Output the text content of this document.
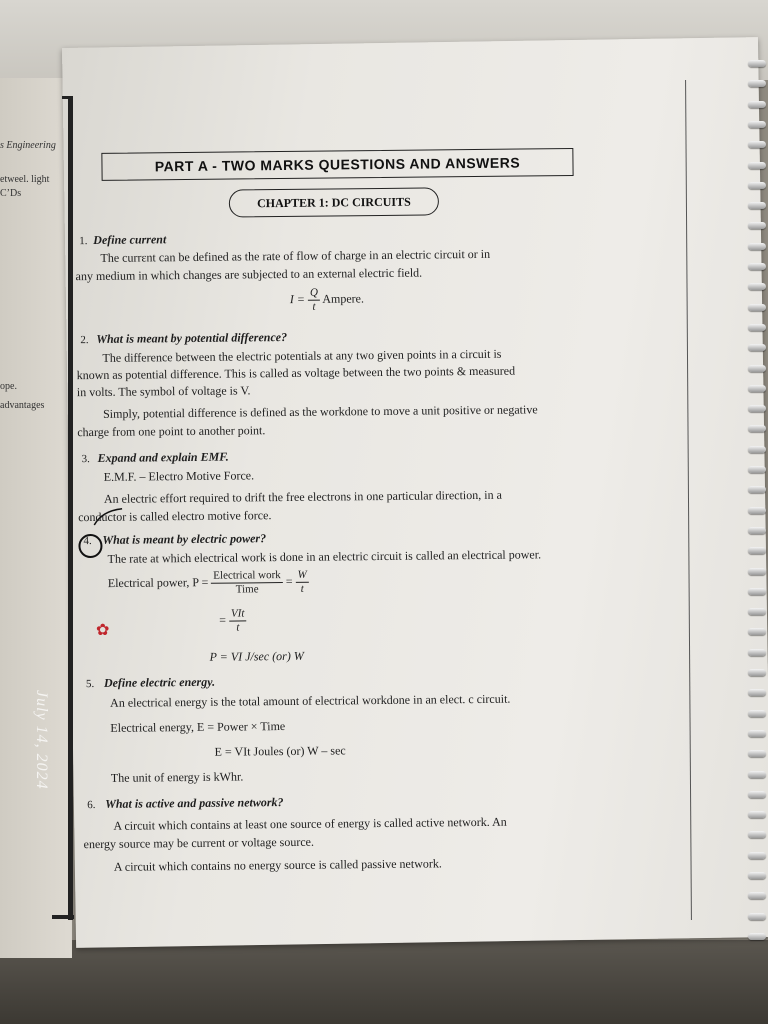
s Engineering
etweel. light
C’Ds
ope.
advantages
PART A - TWO MARKS QUESTIONS AND ANSWERS
CHAPTER 1: DC CIRCUITS
1. Define current
The currεnt can be defined as the rate of flow of charge in an electric circuit or in
any medium in which changes are subjected to an external electric field.
$I = \frac{Q}{t}$ Ampere.
2. What is meant by potential difference?
The difference between the electric potentials at any two given points in a circuit is
known as potential difference. This is called as voltage between the two points & measured
in volts. The symbol of voltage is V.
Simply, potential difference is defined as the workdone to move a unit positive or negative
charge from one point to another point.
3. Expand and explain EMF.
E.M.F. – Electro Motive Force.
An electric effort required to drift the free electrons in one particular direction, in a
conductor is called electro motive force.
4. What is meant by electric power?
The rate at which electrical work is done in an electric circuit is called an electrical power.
Electrical power, $P = \frac{\text{Electrical work}}{\text{Time}} = \frac{W}{t}$
= $\frac{\text{VIt}}{t}$
P = VI J/sec (or) W
5. Define electric energy.
An electrical energy is the total amount of electrical workdone in an elect. c circuit.
Electrical energy, E = Power × Time
E = VIt Joules (or) W – sec
The unit of energy is kWhr.
6. What is active and passive network?
A circuit which contains at least one source of energy is called active network. An
energy source may be current or voltage source.
A circuit which contains no energy source is called passive network.
✿
July 14, 2024
